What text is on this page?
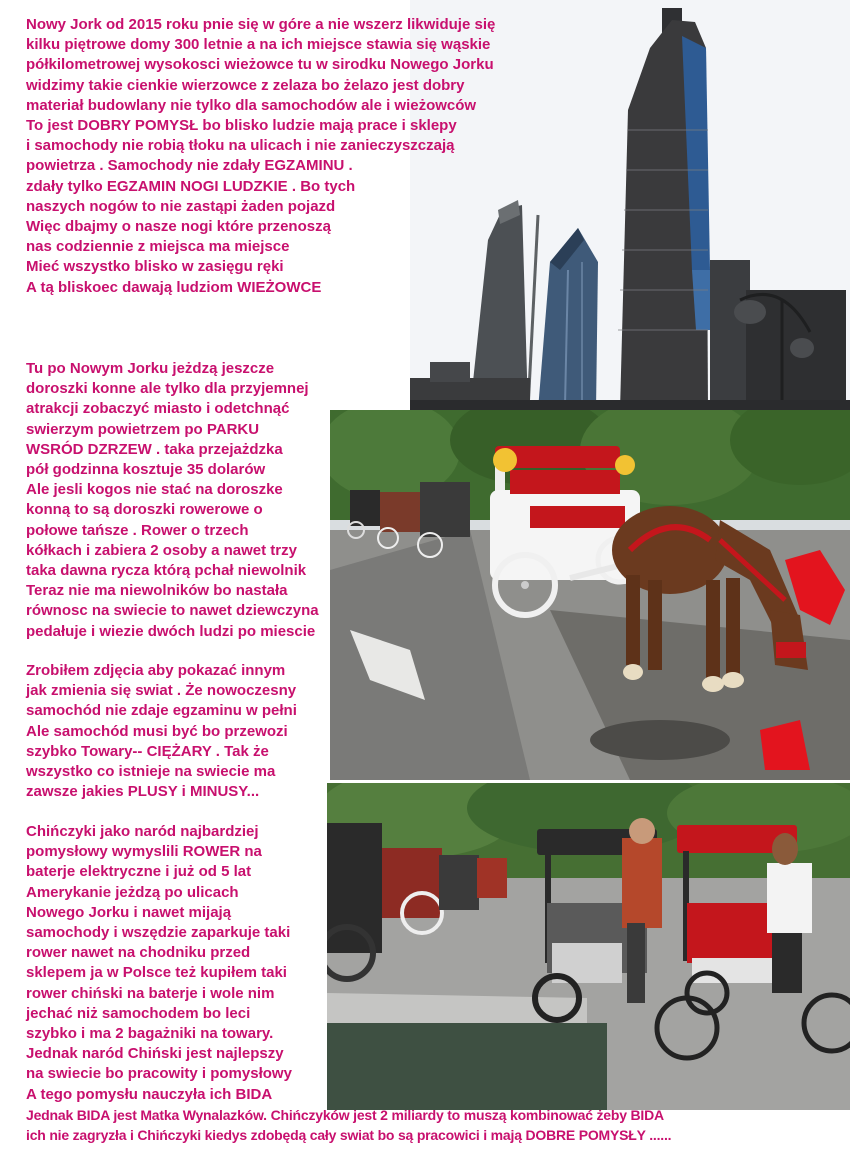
Nowy Jork od 2015 roku pnie się w góre a nie wszerz likwiduje się
kilku piętrowe domy 300 letnie a na ich miejsce stawia się wąskie
półkilometrowej wysokosci wieżowce tu w sirodku Nowego Jorku
widzimy takie cienkie wierzowce z zelaza bo żelazo jest dobry
materiał budowlany nie tylko dla samochodów ale i wieżowców
To jest DOBRY POMYSŁ bo blisko ludzie mają prace i sklepy
i samochody nie robią tłoku na ulicach i nie zanieczyszczają
powietrza . Samochody nie zdały EGZAMINU .
zdały tylko EGZAMIN NOGI LUDZKIE . Bo tych
naszych nogów to nie zastąpi żaden pojazd
Więc dbajmy o nasze nogi które przenoszą
nas codziennie z miejsca ma miejsce
Mieć wszystko blisko w zasięgu ręki
A tą bliskoec dawają ludziom WIEŻOWCE
Tu po Nowym Jorku jeżdzą jeszcze
doroszki konne ale tylko dla przyjemnej
atrakcji zobaczyć miasto i odetchnąć
swierzym powietrzem po PARKU
WSRÓD DZRZEW . taka przejażdzka
pół godzinna kosztuje 35 dolarów
Ale jesli kogos nie stać na doroszke
konną to są doroszki rowerowe o
połowe tańsze . Rower o trzech
kółkach i zabiera 2 osoby a nawet trzy
taka dawna rycza którą pchał niewolnik
Teraz nie ma niewolników bo nastała
równosc na swiecie to nawet dziewczyna
pedałuje i wiezie dwóch ludzi po miescie
Zrobiłem zdjęcia aby pokazać innym
jak zmienia się swiat . Że nowoczesny
samochód nie zdaje egzaminu w pełni
Ale samochód musi być bo przewozi
szybko Towary-- CIĘŻARY . Tak że
wszystko co istnieje na swiecie ma
zawsze jakies PLUSY i MINUSY...
Chińczyki jako naród najbardziej
pomysłowy wymyslili ROWER na
baterje elektryczne i już od 5 lat
Amerykanie jeżdzą po ulicach
Nowego Jorku i nawet mijają
samochody i wszędzie zaparkuje taki
rower nawet na chodniku przed
sklepem ja w Polsce też kupiłem taki
rower chiński na baterje i wole nim
jechać niż samochodem bo leci
szybko i ma 2 bagażniki na towary.
Jednak naród Chiński jest najlepszy
na swiecie bo pracowity i pomysłowy
A tego pomysłu nauczyła ich BIDA
Jednak BIDA jest Matka Wynalazków. Chińczyków jest 2 miliardy to muszą kombinować żeby BIDA
ich nie zagryzła i Chińczyki kiedys zdobędą cały swiat bo są pracowici i mają DOBRE POMYSŁY ......
